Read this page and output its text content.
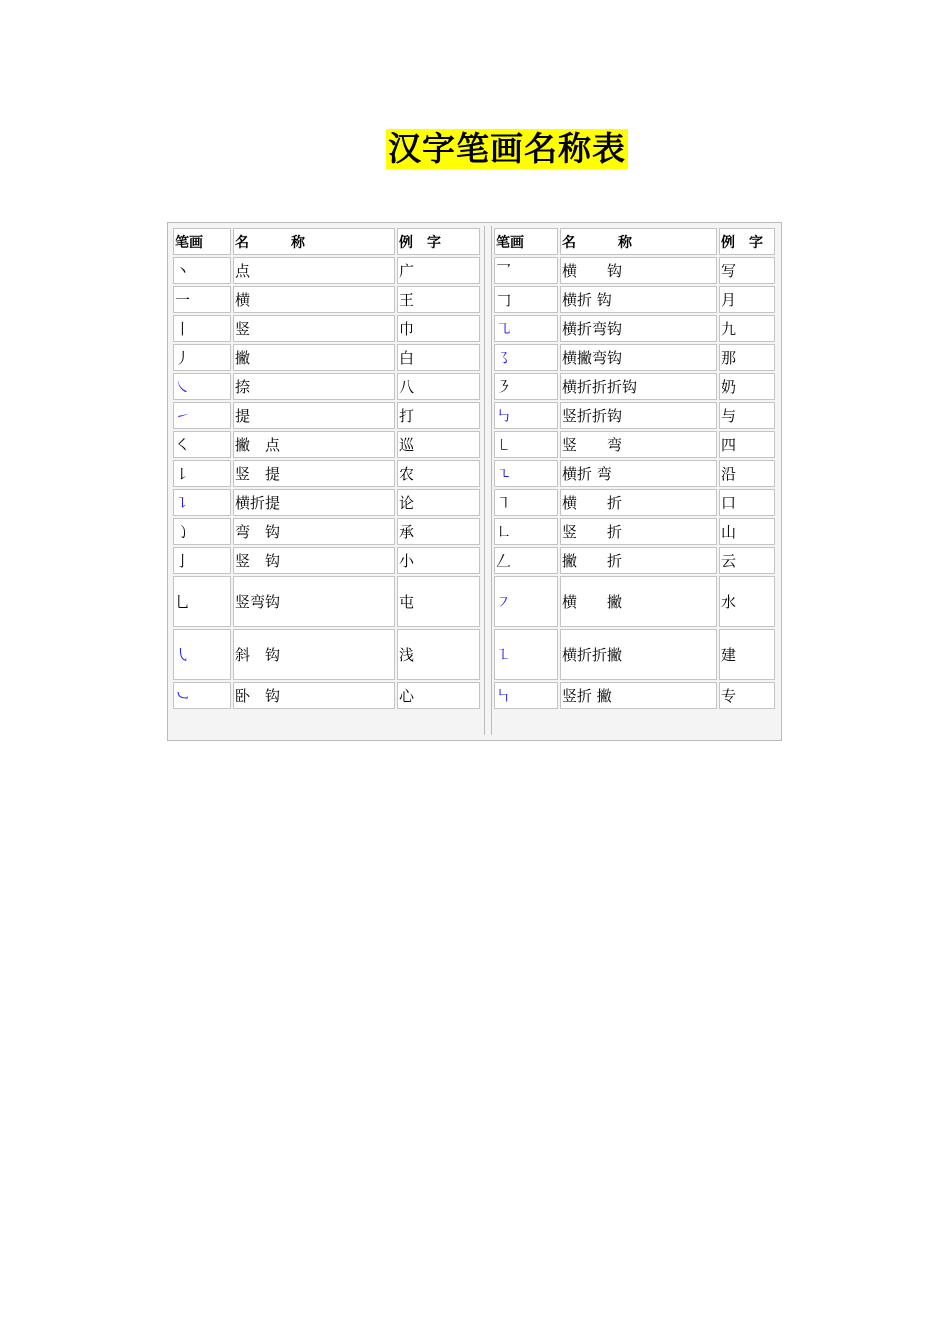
汉字笔画名称表
笔画	名　　　称	例　字
丶	点	广
一	横	王
丨	竖	巾
丿	撇	白
㇏	捺	八
㇀	提	打
㇛	撇　点	巡
㇙	竖　提	农
㇊	横折提	论
㇁	弯　钩	承
亅	竖　钩	小
乚	竖弯钩	屯
㇂	斜　钩	浅
㇃	卧　钩	心
笔画	名　　　称	例　字
乛	横　　钩	写
𠃌	横折 钩	月
㇈	横折弯钩	九
㇌	横撇弯钩	那
㇋	横折折折钩	奶
㇉	竖折折钩	与
㇄	竖　　弯	四
㇍	横折 弯	沿
㇕	横　　折	口
㇗	竖　　折	山
𠃋	撇　　折	云
㇇	横　　撇	水
㇅	横折折撇	建
㇞	竖折 撇	专
